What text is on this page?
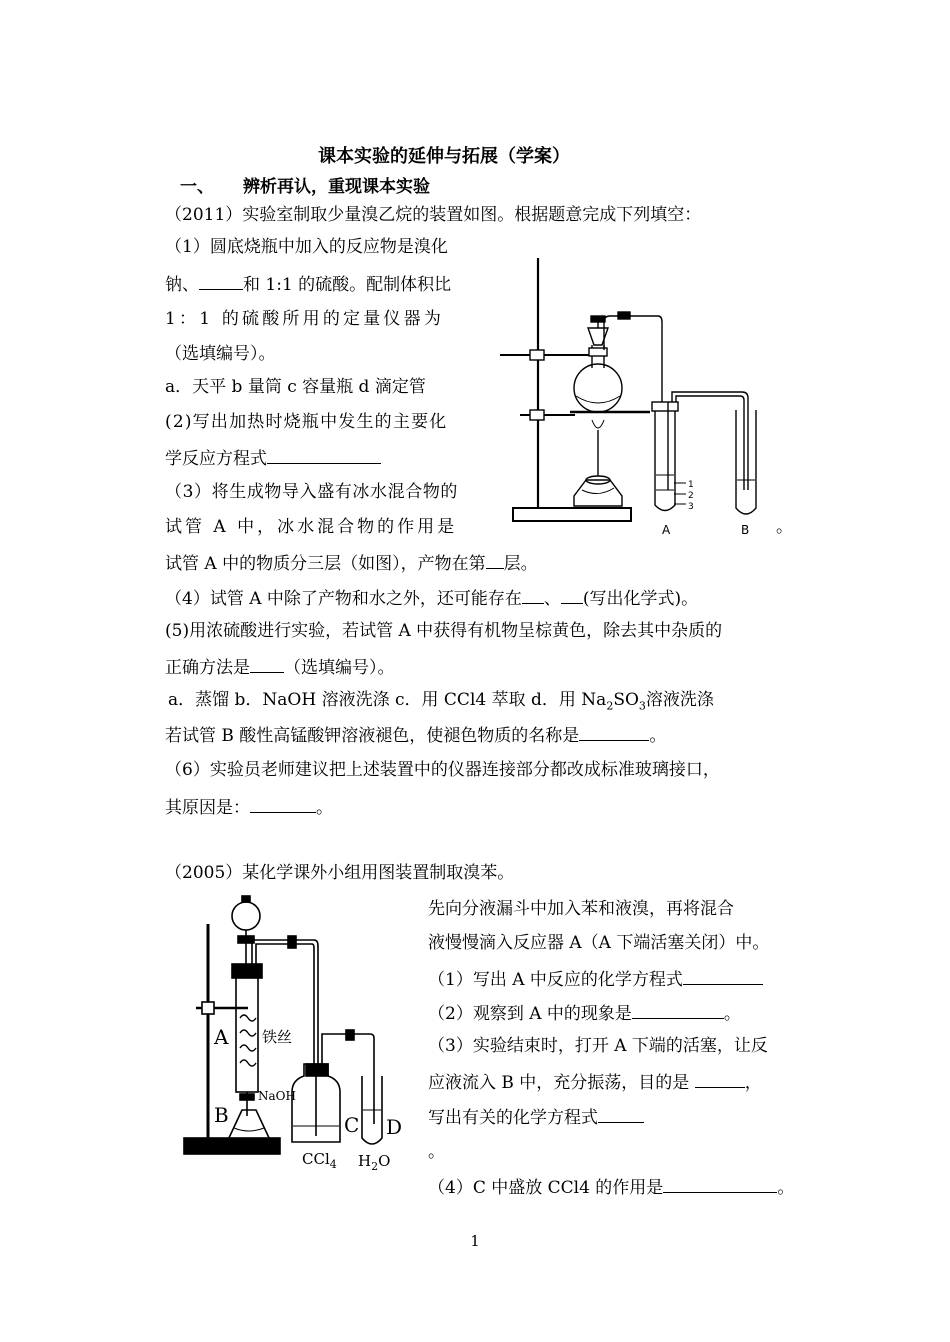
课本实验的延伸与拓展（学案）
一、 辨析再认，重现课本实验
（2011）实验室制取少量溴乙烷的装置如图。根据题意完成下列填空：
（1）圆底烧瓶中加入的反应物是溴化
钠、	和 1:1 的硫酸。配制体积比
1：1 的硫酸所用的定量仪器为
（选填编号）。
a．天平 b 量筒 c 容量瓶 d 滴定管
(2)写出加热时烧瓶中发生的主要化
学反应方程式
（3）将生成物导入盛有冰水混合物的
试管 A 中，冰水混合物的作用是	。
试管 A 中的物质分三层（如图），产物在第 层。
（4）试管 A 中除了产物和水之外，还可能存在 、 (写出化学式)。
(5)用浓硫酸进行实验，若试管 A 中获得有机物呈棕黄色，除去其中杂质的
正确方法是 （选填编号）。
a．蒸馏 b．NaOH 溶液洗涤 c．用 CCl4 萃取 d．用 $Na_2SO_3$溶液洗涤
若试管 B 酸性高锰酸钾溶液褪色，使褪色物质的名称是	。
（6）实验员老师建议把上述装置中的仪器连接部分都改成标准玻璃接口，
其原因是：	。
A	B
1
2
3
（2005）某化学课外小组用图装置制取溴苯。
先向分液漏斗中加入苯和液溴，再将混合
液慢慢滴入反应器 A（A 下端活塞关闭）中。
（1）写出 A 中反应的化学方程式
（2）观察到 A 中的现象是	。
（3）实验结束时，打开 A 下端的活塞，让反
应液流入 B 中，充分振荡，目的是	，
写出有关的化学方程式
。
（4）C 中盛放 CCl4 的作用是	。
A 铁丝
B
NaOH
C D
CCl$_4$ $H_2O$
1
